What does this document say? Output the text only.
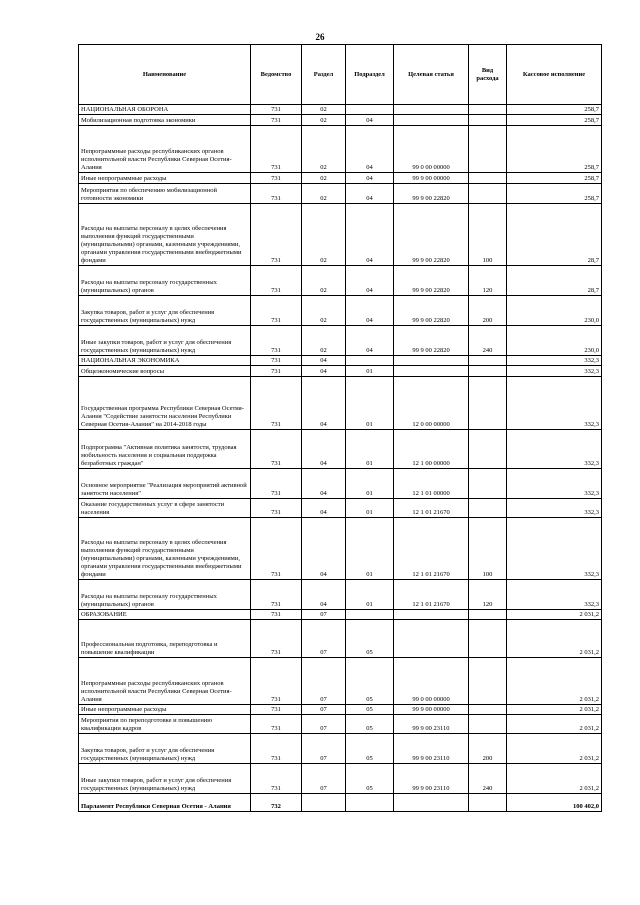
26
Наименование	Ведомство	Раздел	Подраздел	Целевая статья	Вид расхода	Кассовое исполнение
НАЦИОНАЛЬНАЯ ОБОРОНА	731	02				258,7
Мобилизационная подготовка экономики	731	02	04			258,7
Непрограммные расходы республиканских органов исполнительной власти Республики Северная Осетия-Алания	731	02	04	99 0 00 00000		258,7
Иные непрограммные расходы	731	02	04	99 9 00 00000		258,7
Мероприятия по обеспечению мобилизационной готовности экономики	731	02	04	99 9 00 22820		258,7
Расходы на выплаты персоналу в целях обеспечения выполнения функций государственными (муниципальными) органами, казенными учреждениями, органами управления государственными внебюджетными фондами	731	02	04	99 9 00 22820	100	28,7
Расходы на выплаты персоналу государственных (муниципальных) органов	731	02	04	99 9 00 22820	120	28,7
Закупка товаров, работ и услуг для обеспечения государственных (муниципальных) нужд	731	02	04	99 9 00 22820	200	230,0
Иные закупки товаров, работ и услуг для обеспечения государственных (муниципальных) нужд	731	02	04	99 9 00 22820	240	230,0
НАЦИОНАЛЬНАЯ ЭКОНОМИКА	731	04				332,3
Общеэкономические вопросы	731	04	01			332,3
Государственная программа Республики Северная Осетия-Алания "Содействие занятости населения Республики Северная Осетия-Алания" на 2014-2018 годы	731	04	01	12 0 00 00000		332,3
Подпрограмма "Активная политика занятости, трудовая мобильность населения и социальная поддержка безработных граждан"	731	04	01	12 1 00 00000		332,3
Основное мероприятие "Реализация мероприятий активной занятости населения"	731	04	01	12 1 01 00000		332,3
Оказание государственных услуг в сфере занятости населения	731	04	01	12 1 01 21670		332,3
Расходы на выплаты персоналу в целях обеспечения выполнения функций государственными (муниципальными) органами, казенными учреждениями, органами управления государственными внебюджетными фондами	731	04	01	12 1 01 21670	100	332,3
Расходы на выплаты персоналу государственных (муниципальных) органов	731	04	01	12 1 01 21670	120	332,3
ОБРАЗОВАНИЕ	731	07				2 031,2
Профессиональная подготовка, переподготовка и повышение квалификации	731	07	05			2 031,2
Непрограммные расходы республиканских органов исполнительной власти Республики Северная Осетия-Алания	731	07	05	99 0 00 00000		2 031,2
Иные непрограммные расходы	731	07	05	99 9 00 00000		2 031,2
Мероприятия по переподготовке и повышению квалификации кадров	731	07	05	99 9 00 23110		2 031,2
Закупка товаров, работ и услуг для обеспечения государственных (муниципальных) нужд	731	07	05	99 9 00 23110	200	2 031,2
Иные закупки товаров, работ и услуг для обеспечения государственных (муниципальных) нужд	731	07	05	99 9 00 23110	240	2 031,2
Парламент Республики Северная Осетия - Алания	732					100 402,0
